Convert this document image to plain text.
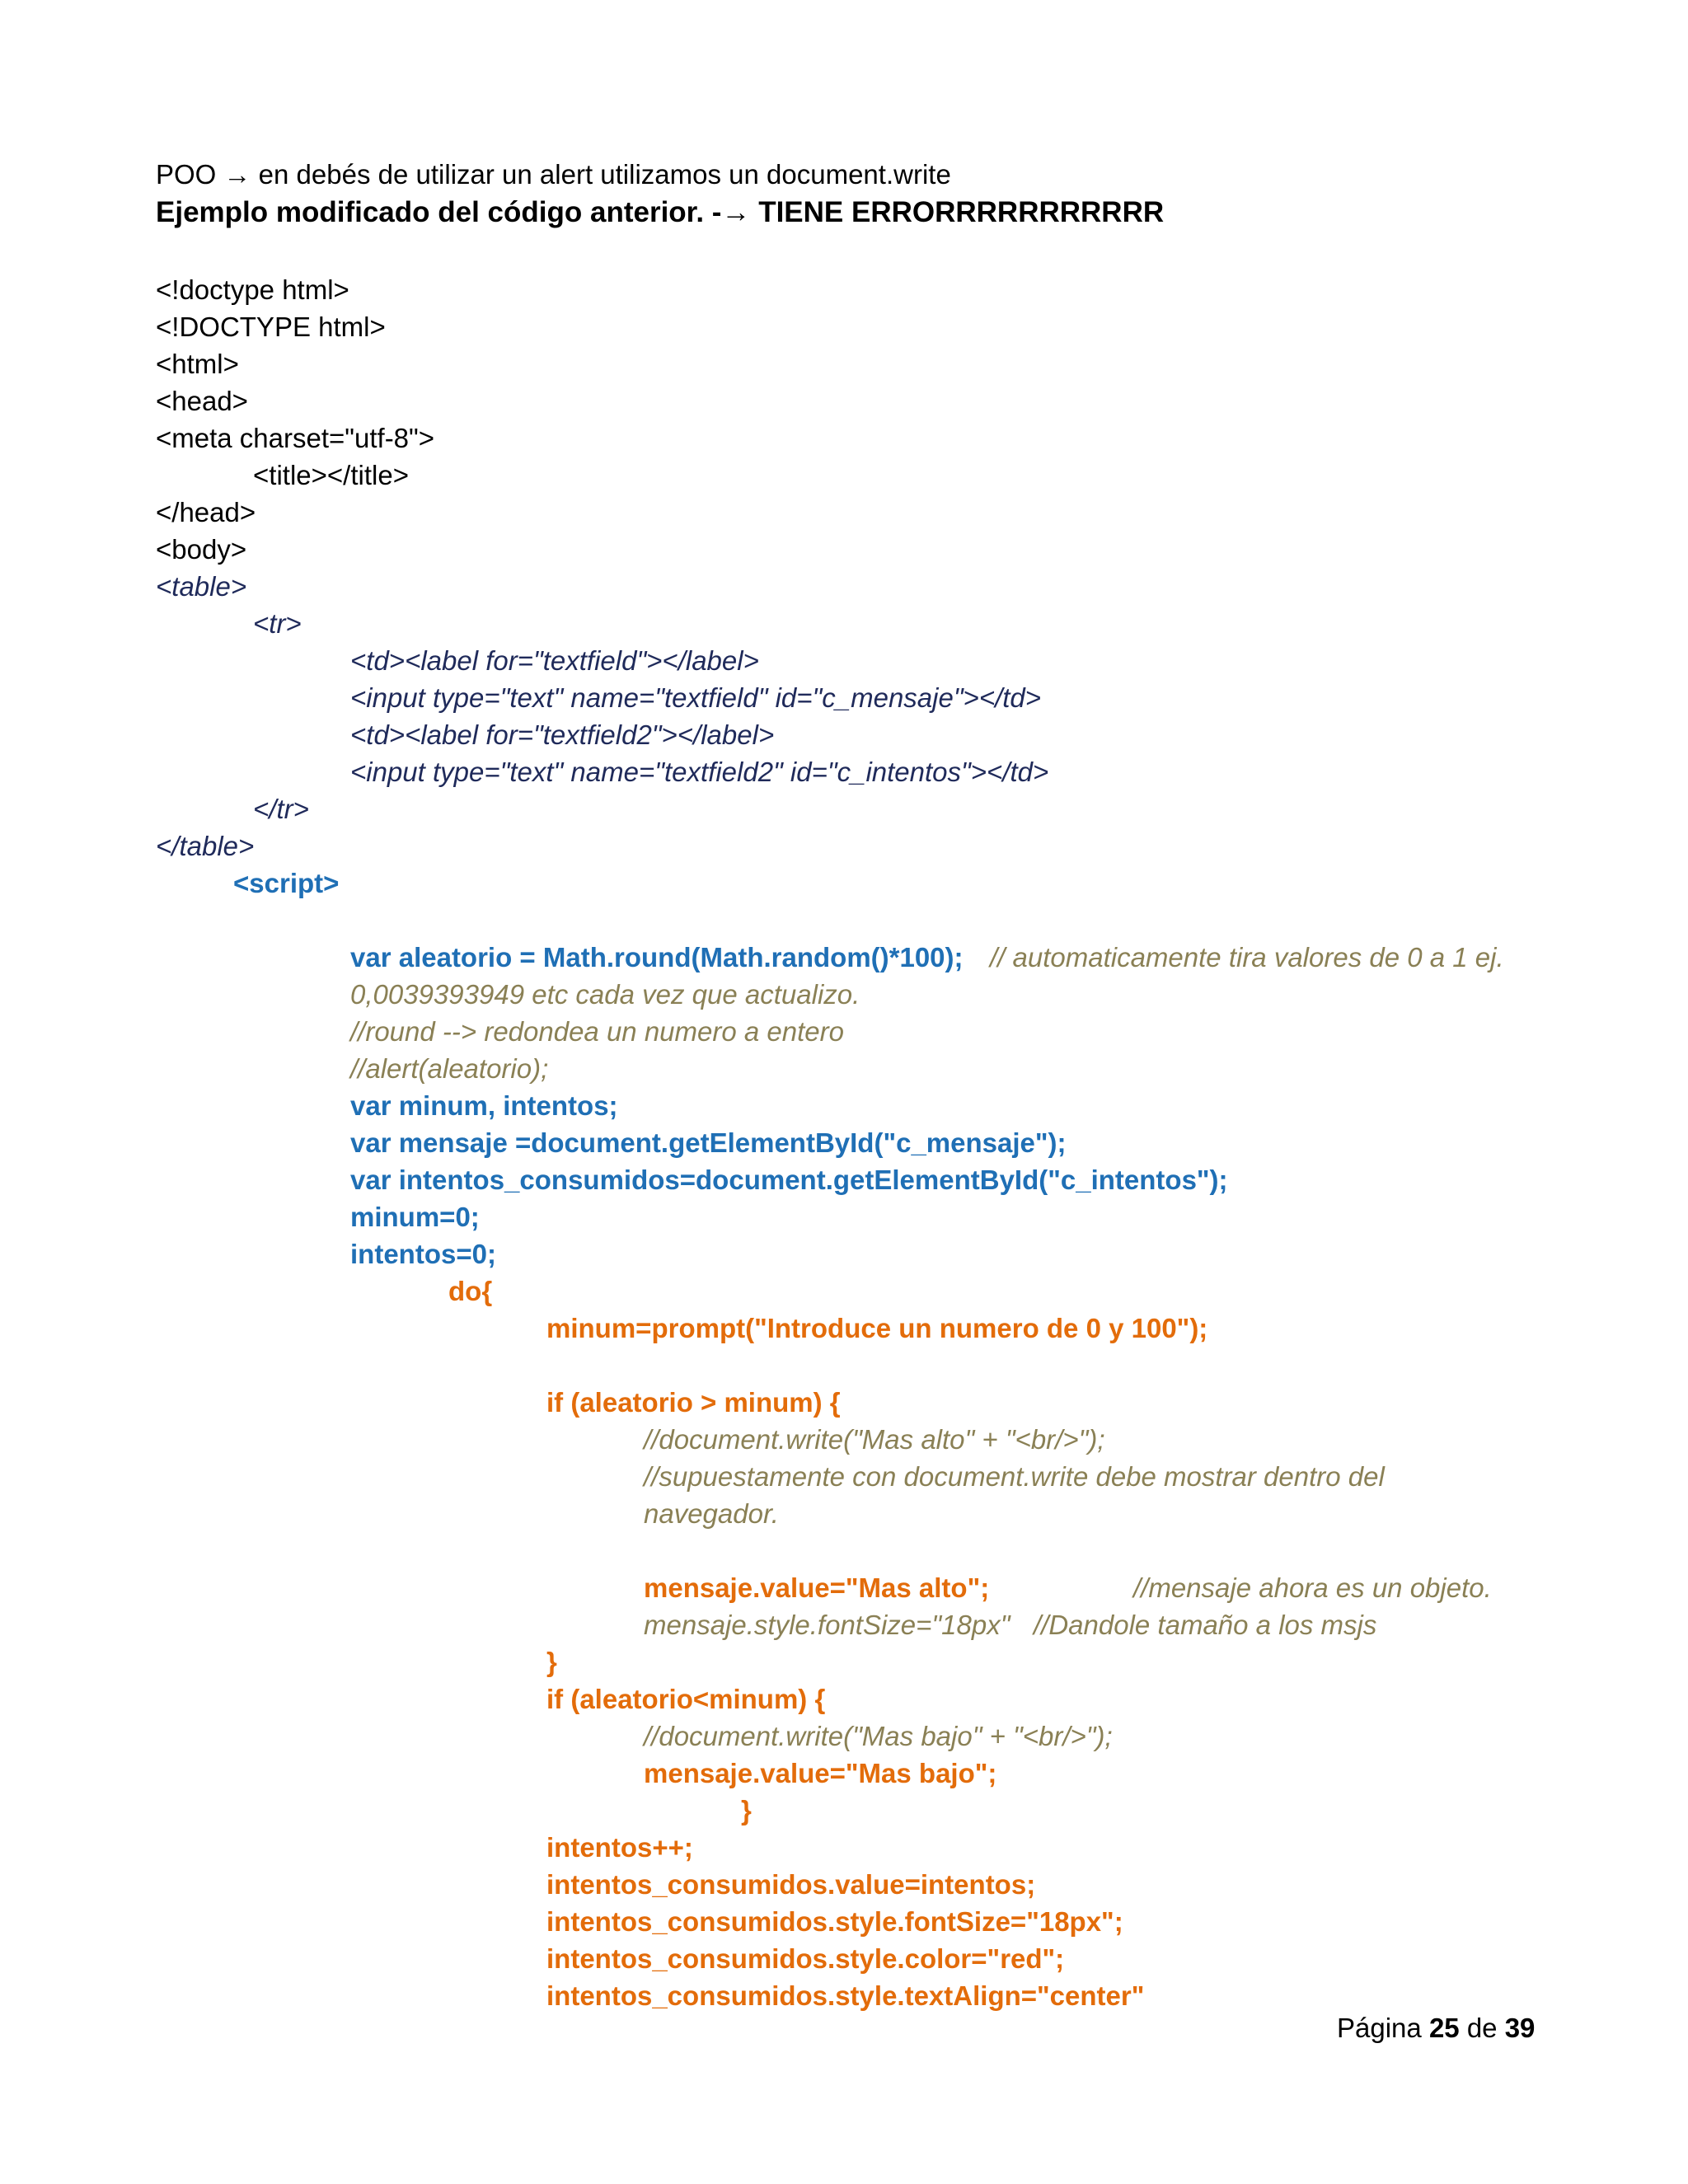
POO → en debés de utilizar un alert utilizamos un document.write
Ejemplo modificado del código anterior. -→ TIENE ERRORRRRRRRRRRR
<!doctype html>
<!DOCTYPE html>
<html>
<head>
<meta charset="utf-8">
<title></title>
</head>
<body>
<table>
<tr>
<td><label for="textfield"></label>
<input type="text" name="textfield" id="c_mensaje"></td>
<td><label for="textfield2"></label>
<input type="text" name="textfield2" id="c_intentos"></td>
</tr>
</table>
<script>
var aleatorio = Math.round(Math.random()*100); // automaticamente tira valores de 0 a 1 ej.
0,0039393949 etc cada vez que actualizo.
//round --> redondea un numero a entero
//alert(aleatorio);
var minum, intentos;
var mensaje =document.getElementById("c_mensaje");
var intentos_consumidos=document.getElementById("c_intentos");
minum=0;
intentos=0;
do{
minum=prompt("Introduce un numero de 0 y 100");
if (aleatorio > minum) {
//document.write("Mas alto" + "<br/>");
//supuestamente con document.write debe mostrar dentro del
navegador.
mensaje.value="Mas alto";	//mensaje ahora es un objeto.
mensaje.style.fontSize="18px" //Dandole tamaño a los msjs
}
if (aleatorio<minum) {
//document.write("Mas bajo" + "<br/>");
mensaje.value="Mas bajo";
}
intentos++;
intentos_consumidos.value=intentos;
intentos_consumidos.style.fontSize="18px";
intentos_consumidos.style.color="red";
intentos_consumidos.style.textAlign="center"
Página 25 de 39
